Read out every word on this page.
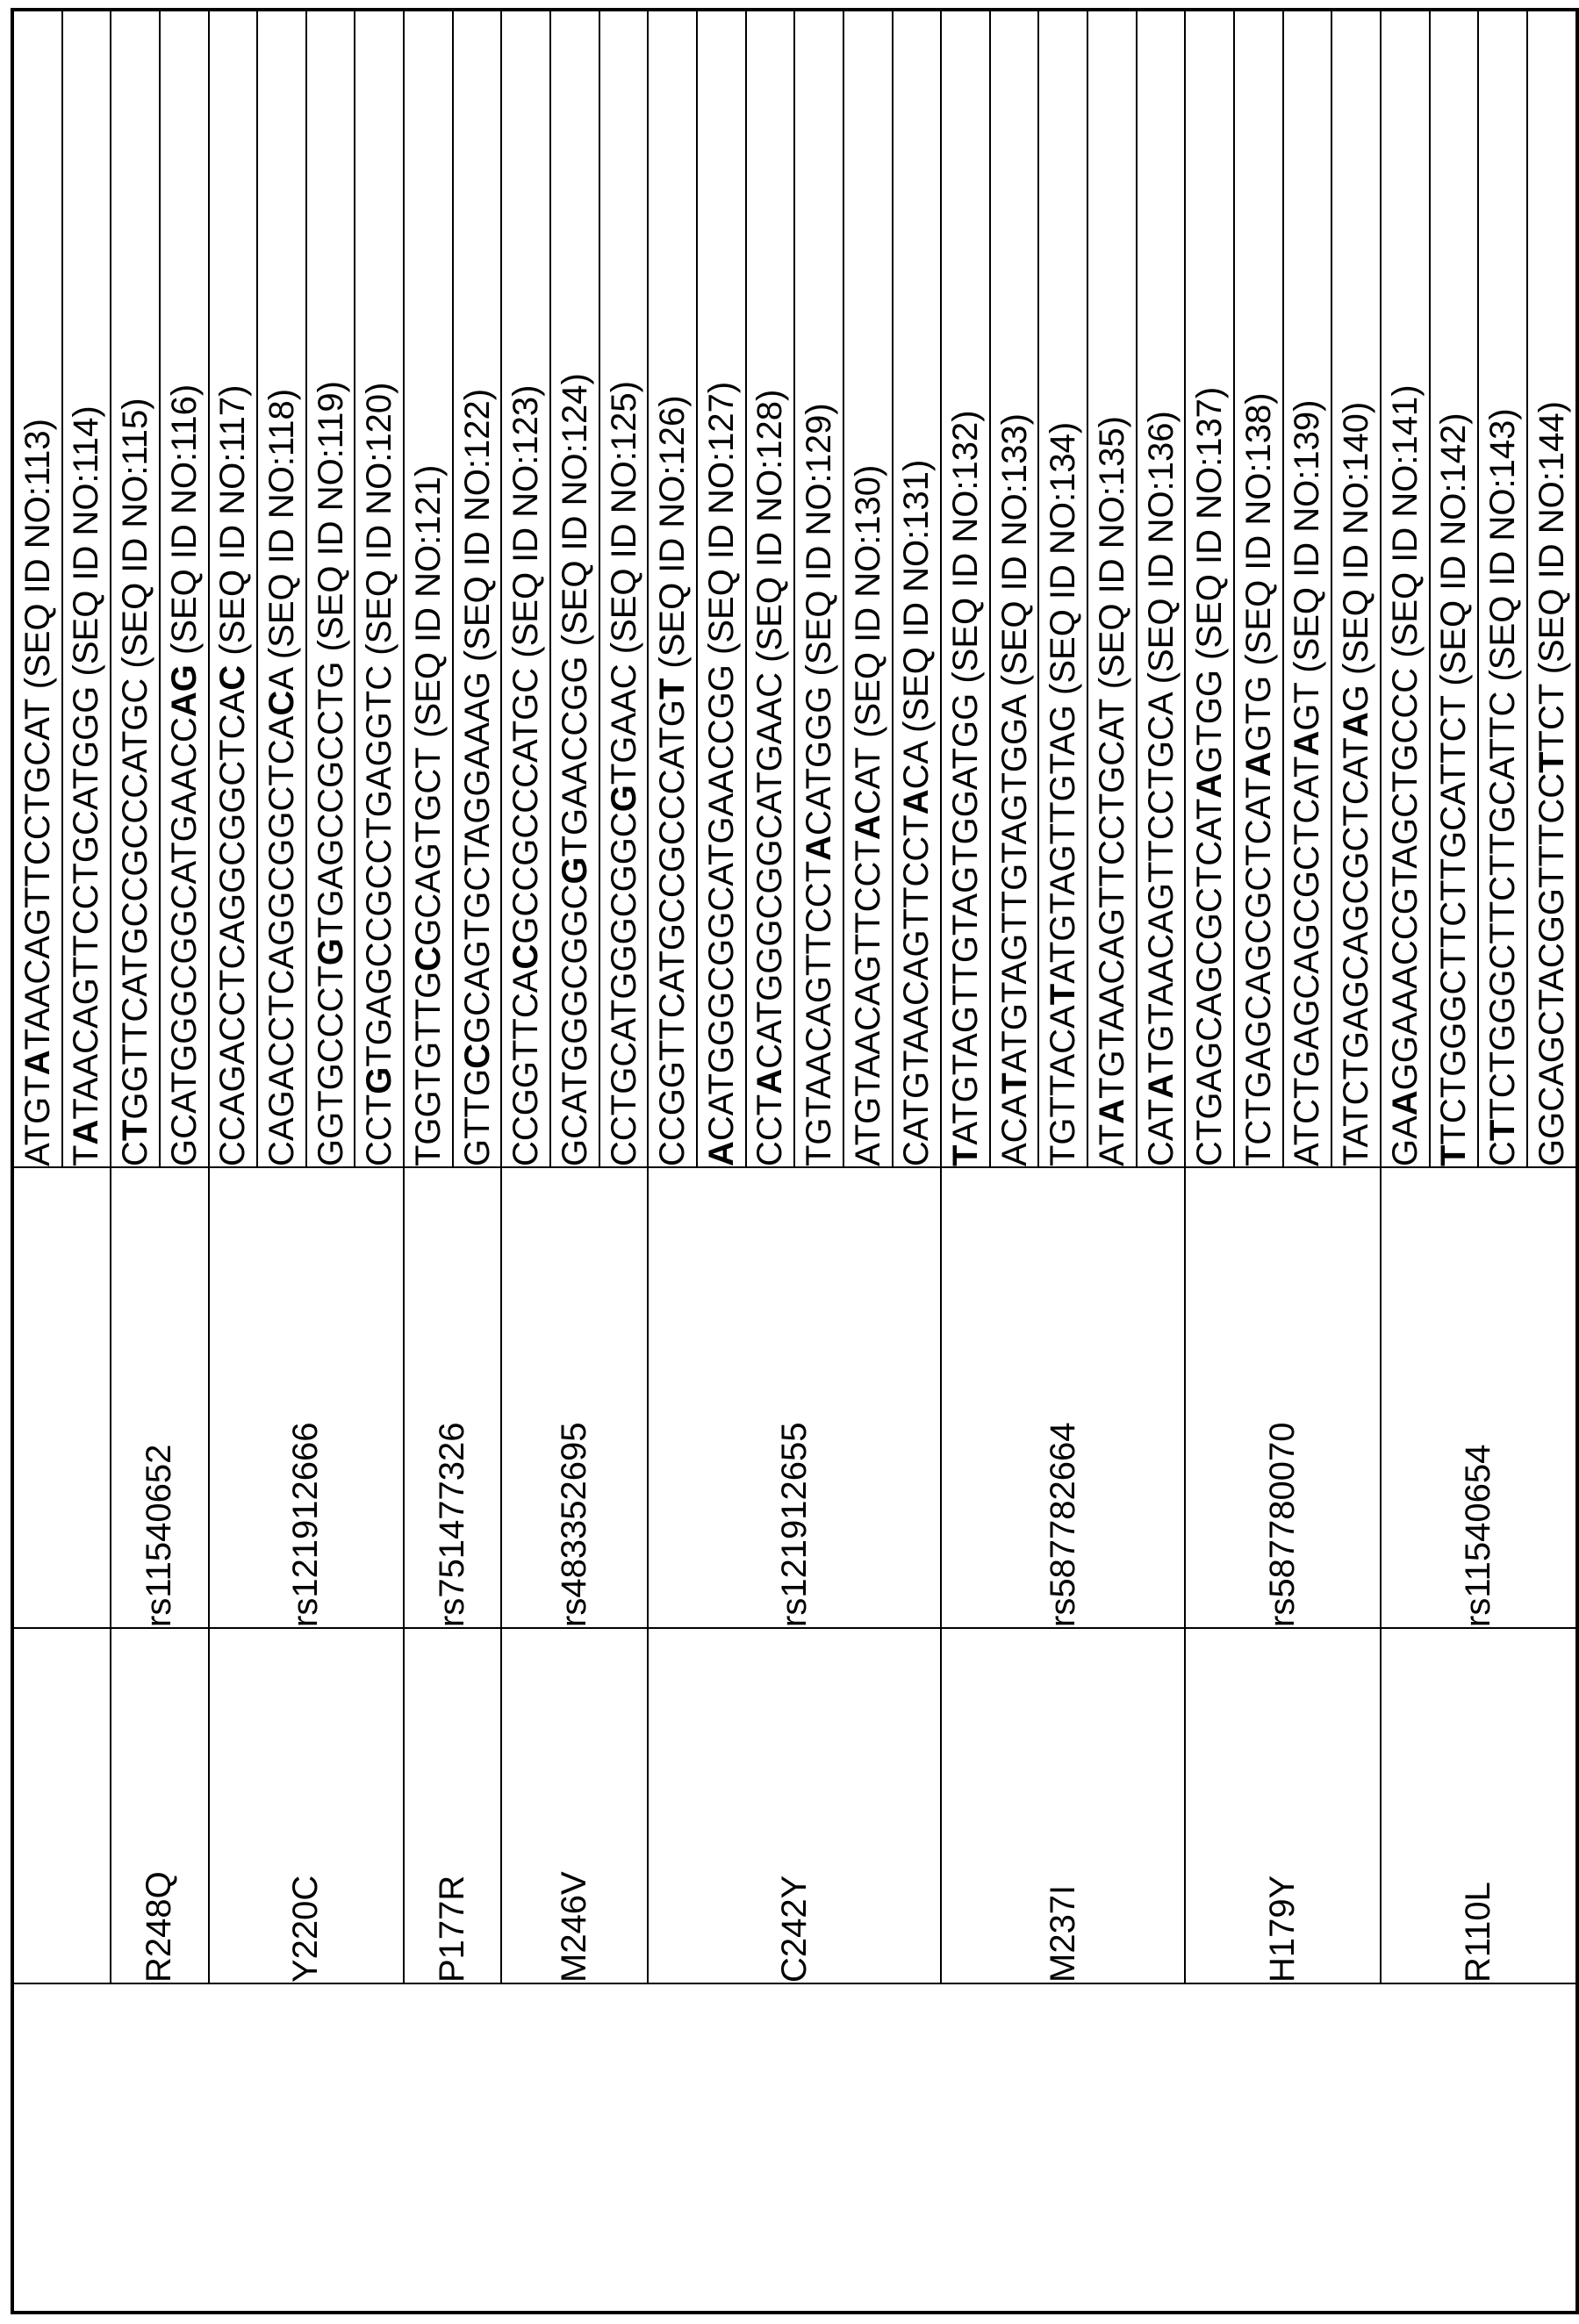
			ATGTATAACAGTTCCTGCAT (SEQ ID NO:113)
			TATAACAGTTCCTGCATGGG (SEQ ID NO:114)
	R248Q	rs11540652	CTGGTTCATGCCGCCCATGC (SEQ ID NO:115)
			GCATGGGCGGCATGAACCAG (SEQ ID NO:116)
	Y220C	rs121912666	CCAGACCTCAGGCGGCTCAC (SEQ ID NO:117)
			CAGACCTCAGGCGGCTCACA (SEQ ID NO:118)
			GGTGCCCTGTGAGCCGCCTG (SEQ ID NO:119)
			CCTGTGAGCCGCCTGAGGTC (SEQ ID NO:120)
	P177R	rs751477326	TGGTGTTGCGCAGTGCT (SEQ ID NO:121)
			GTTGCGCAGTGCTAGGAAAG (SEQ ID NO:122)
	M246V	rs483352695	CCGGTTCACGCCGCCCATGC (SEQ ID NO:123)
			GCATGGGCGGCGTGAACCGG (SEQ ID NO:124)
			CCTGCATGGGCGGCGTGAAC (SEQ ID NO:125)
	C242Y	rs121912655	CCGGTTCATGCCGCCCATGT (SEQ ID NO:126)
			ACATGGGCGGCATGAACCGG (SEQ ID NO:127)
			CCTACATGGGCGGCATGAAC (SEQ ID NO:128)
			TGTAACAGTTCCTACATGGG (SEQ ID NO:129)
			ATGTAACAGTTCCTACAT (SEQ ID NO:130)
			CATGTAACAGTTCCTACA (SEQ ID NO:131)
	M237I	rs587782664	TATGTAGTTGTAGTGGATGG (SEQ ID NO:132)
			ACATATGTAGTTGTAGTGGA (SEQ ID NO:133)
			TGTTACATATGTAGTTGTAG (SEQ ID NO:134)
			ATATGTAACAGTTCCTGCAT (SEQ ID NO:135)
			CATATGTAACAGTTCCTGCA (SEQ ID NO:136)
	H179Y	rs587780070	CTGAGCAGCGCTCATAGTGG (SEQ ID NO:137)
			TCTGAGCAGCGCTCATAGTG (SEQ ID NO:138)
			ATCTGAGCAGCGCTCATAGT (SEQ ID NO:139)
			TATCTGAGCAGCGCTCATAG (SEQ ID NO:140)
	R110L	rs11540654	GAAGGAAACCGTAGCTGCCC (SEQ ID NO:141)
			TTCTGGGCTTCTTGCATTCT (SEQ ID NO:142)
			CTTCTGGGCTTCTTGCATTC (SEQ ID NO:143)
			GGCAGCTACGGTTTCCTTCT (SEQ ID NO:144)
